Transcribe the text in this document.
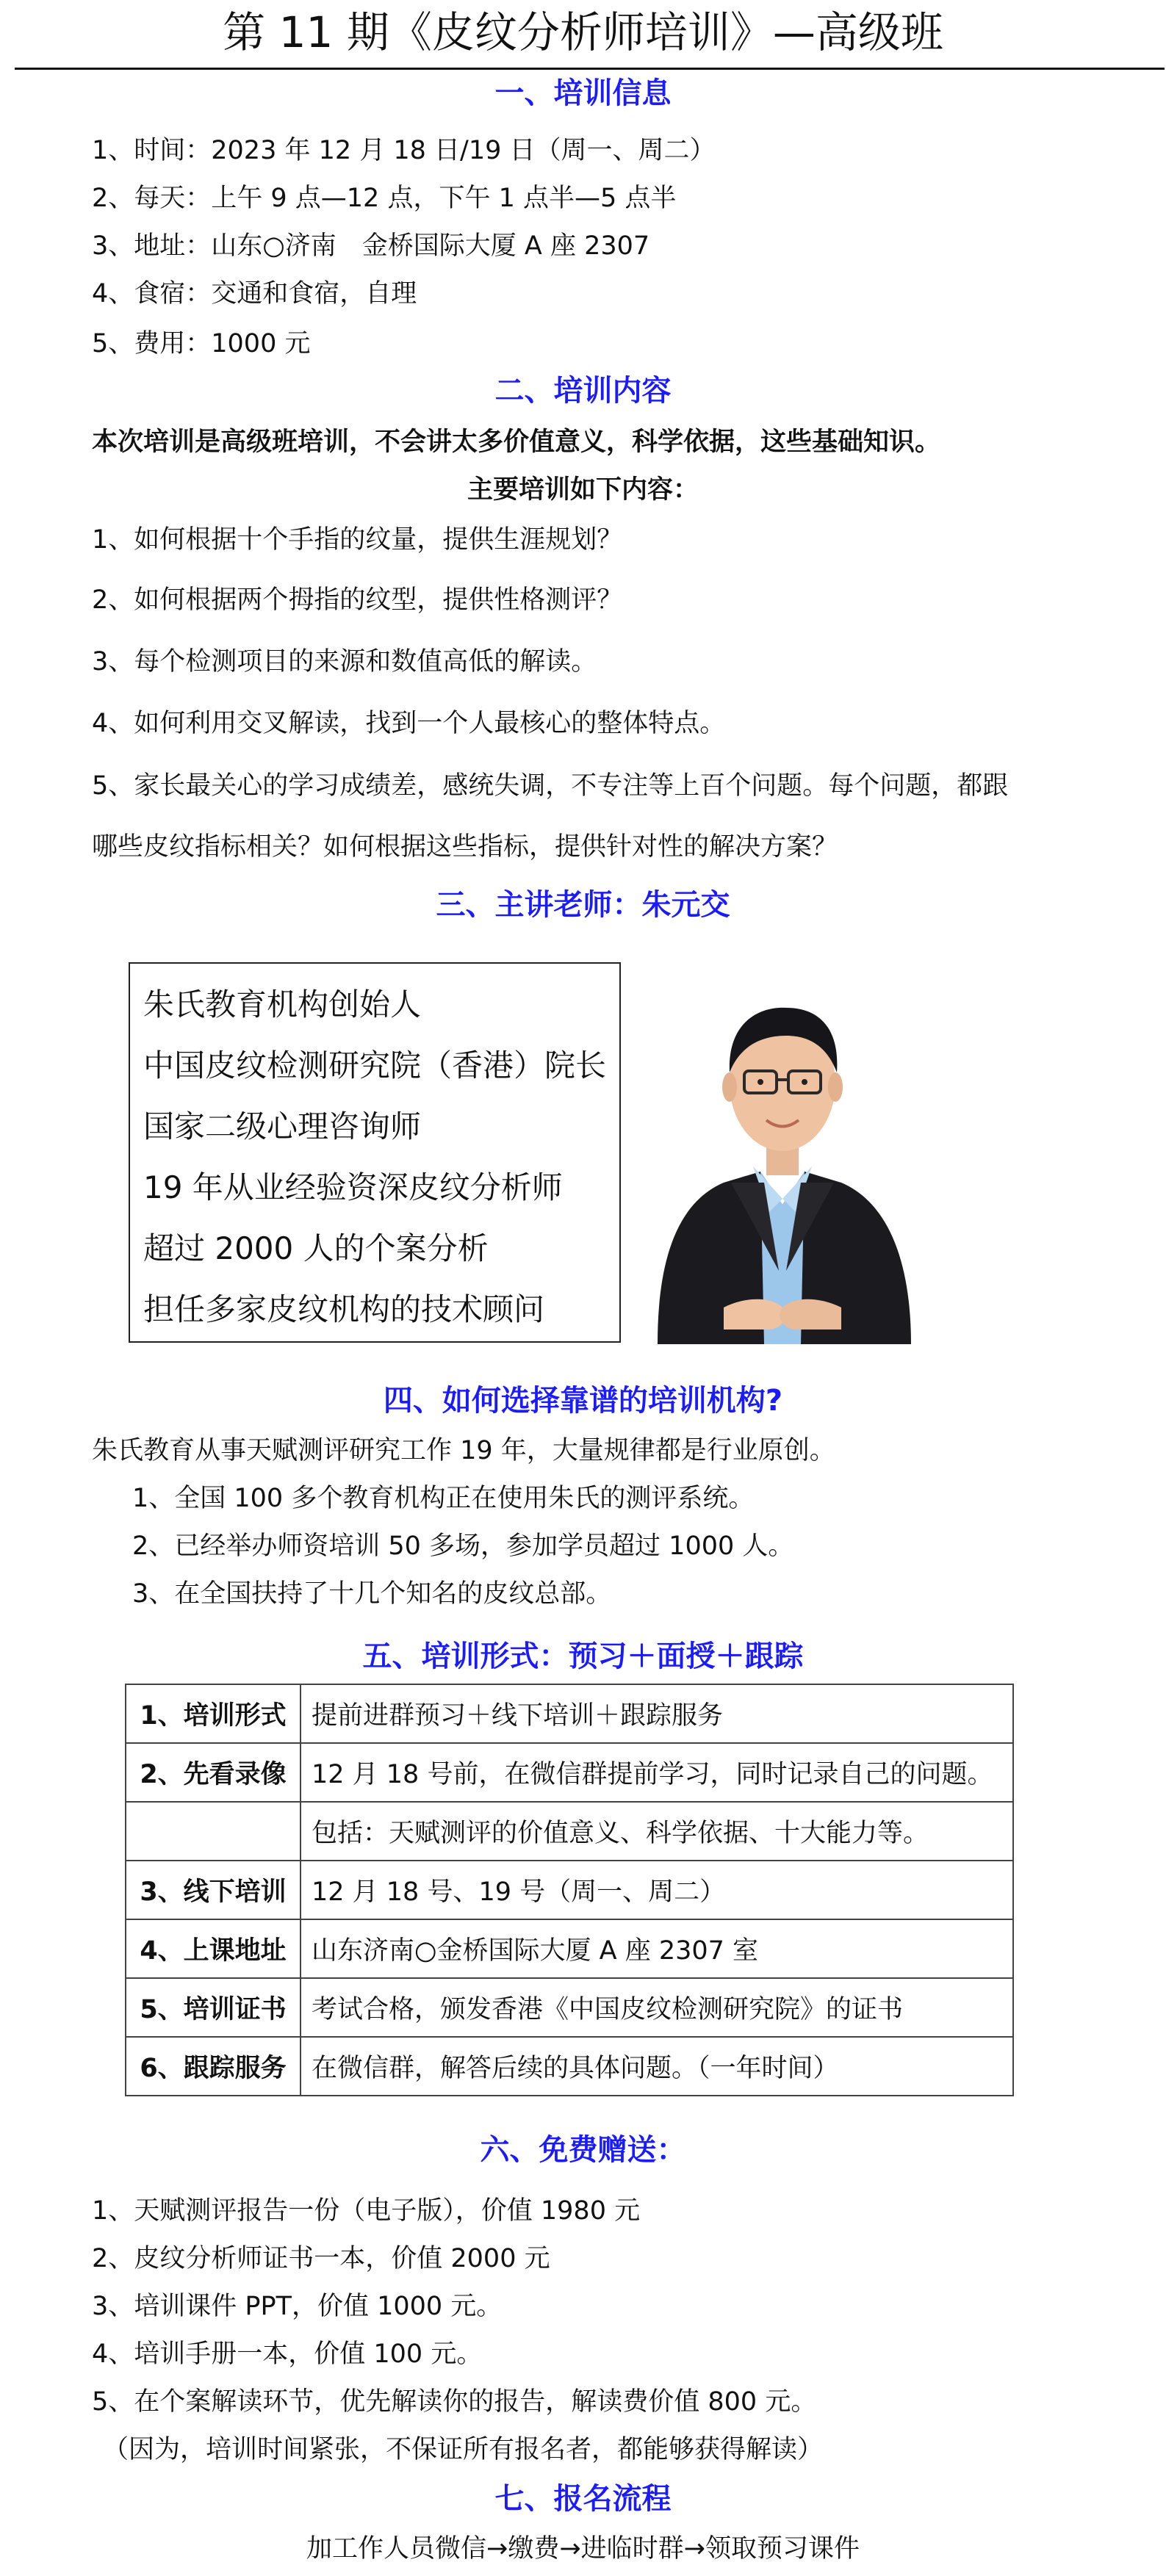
第 11 期《皮纹分析师培训》—高级班
一、培训信息
1、时间：2023 年 12 月 18 日/19 日（周一、周二）
2、每天：上午 9 点—12 点，下午 1 点半—5 点半
3、地址：山东○济南　金桥国际大厦 A 座 2307
4、食宿：交通和食宿，自理
5、费用：1000 元
二、培训内容
本次培训是高级班培训，不会讲太多价值意义，科学依据，这些基础知识。
主要培训如下内容：
1、如何根据十个手指的纹量，提供生涯规划？
2、如何根据两个拇指的纹型，提供性格测评？
3、每个检测项目的来源和数值高低的解读。
4、如何利用交叉解读，找到一个人最核心的整体特点。
5、家长最关心的学习成绩差，感统失调，不专注等上百个问题。每个问题，都跟
哪些皮纹指标相关？如何根据这些指标，提供针对性的解决方案？
三、主讲老师：朱元交
朱氏教育机构创始人
中国皮纹检测研究院（香港）院长
国家二级心理咨询师
19 年从业经验资深皮纹分析师
超过 2000 人的个案分析
担任多家皮纹机构的技术顾问
四、如何选择靠谱的培训机构?
朱氏教育从事天赋测评研究工作 19 年，大量规律都是行业原创。
1、全国 100 多个教育机构正在使用朱氏的测评系统。
2、已经举办师资培训 50 多场，参加学员超过 1000 人。
3、在全国扶持了十几个知名的皮纹总部。
五、培训形式：预习＋面授＋跟踪
1、培训形式	提前进群预习＋线下培训＋跟踪服务
2、先看录像	12 月 18 号前，在微信群提前学习，同时记录自己的问题。
	包括：天赋测评的价值意义、科学依据、十大能力等。
3、线下培训	12 月 18 号、19 号（周一、周二）
4、上课地址	山东济南○金桥国际大厦 A 座 2307 室
5、培训证书	考试合格，颁发香港《中国皮纹检测研究院》的证书
6、跟踪服务	在微信群，解答后续的具体问题。（一年时间）
六、免费赠送：
1、天赋测评报告一份（电子版），价值 1980 元
2、皮纹分析师证书一本，价值 2000 元
3、培训课件 PPT，价值 1000 元。
4、培训手册一本，价值 100 元。
5、在个案解读环节，优先解读你的报告，解读费价值 800 元。
（因为，培训时间紧张，不保证所有报名者，都能够获得解读）
七、报名流程
加工作人员微信→缴费→进临时群→领取预习课件
